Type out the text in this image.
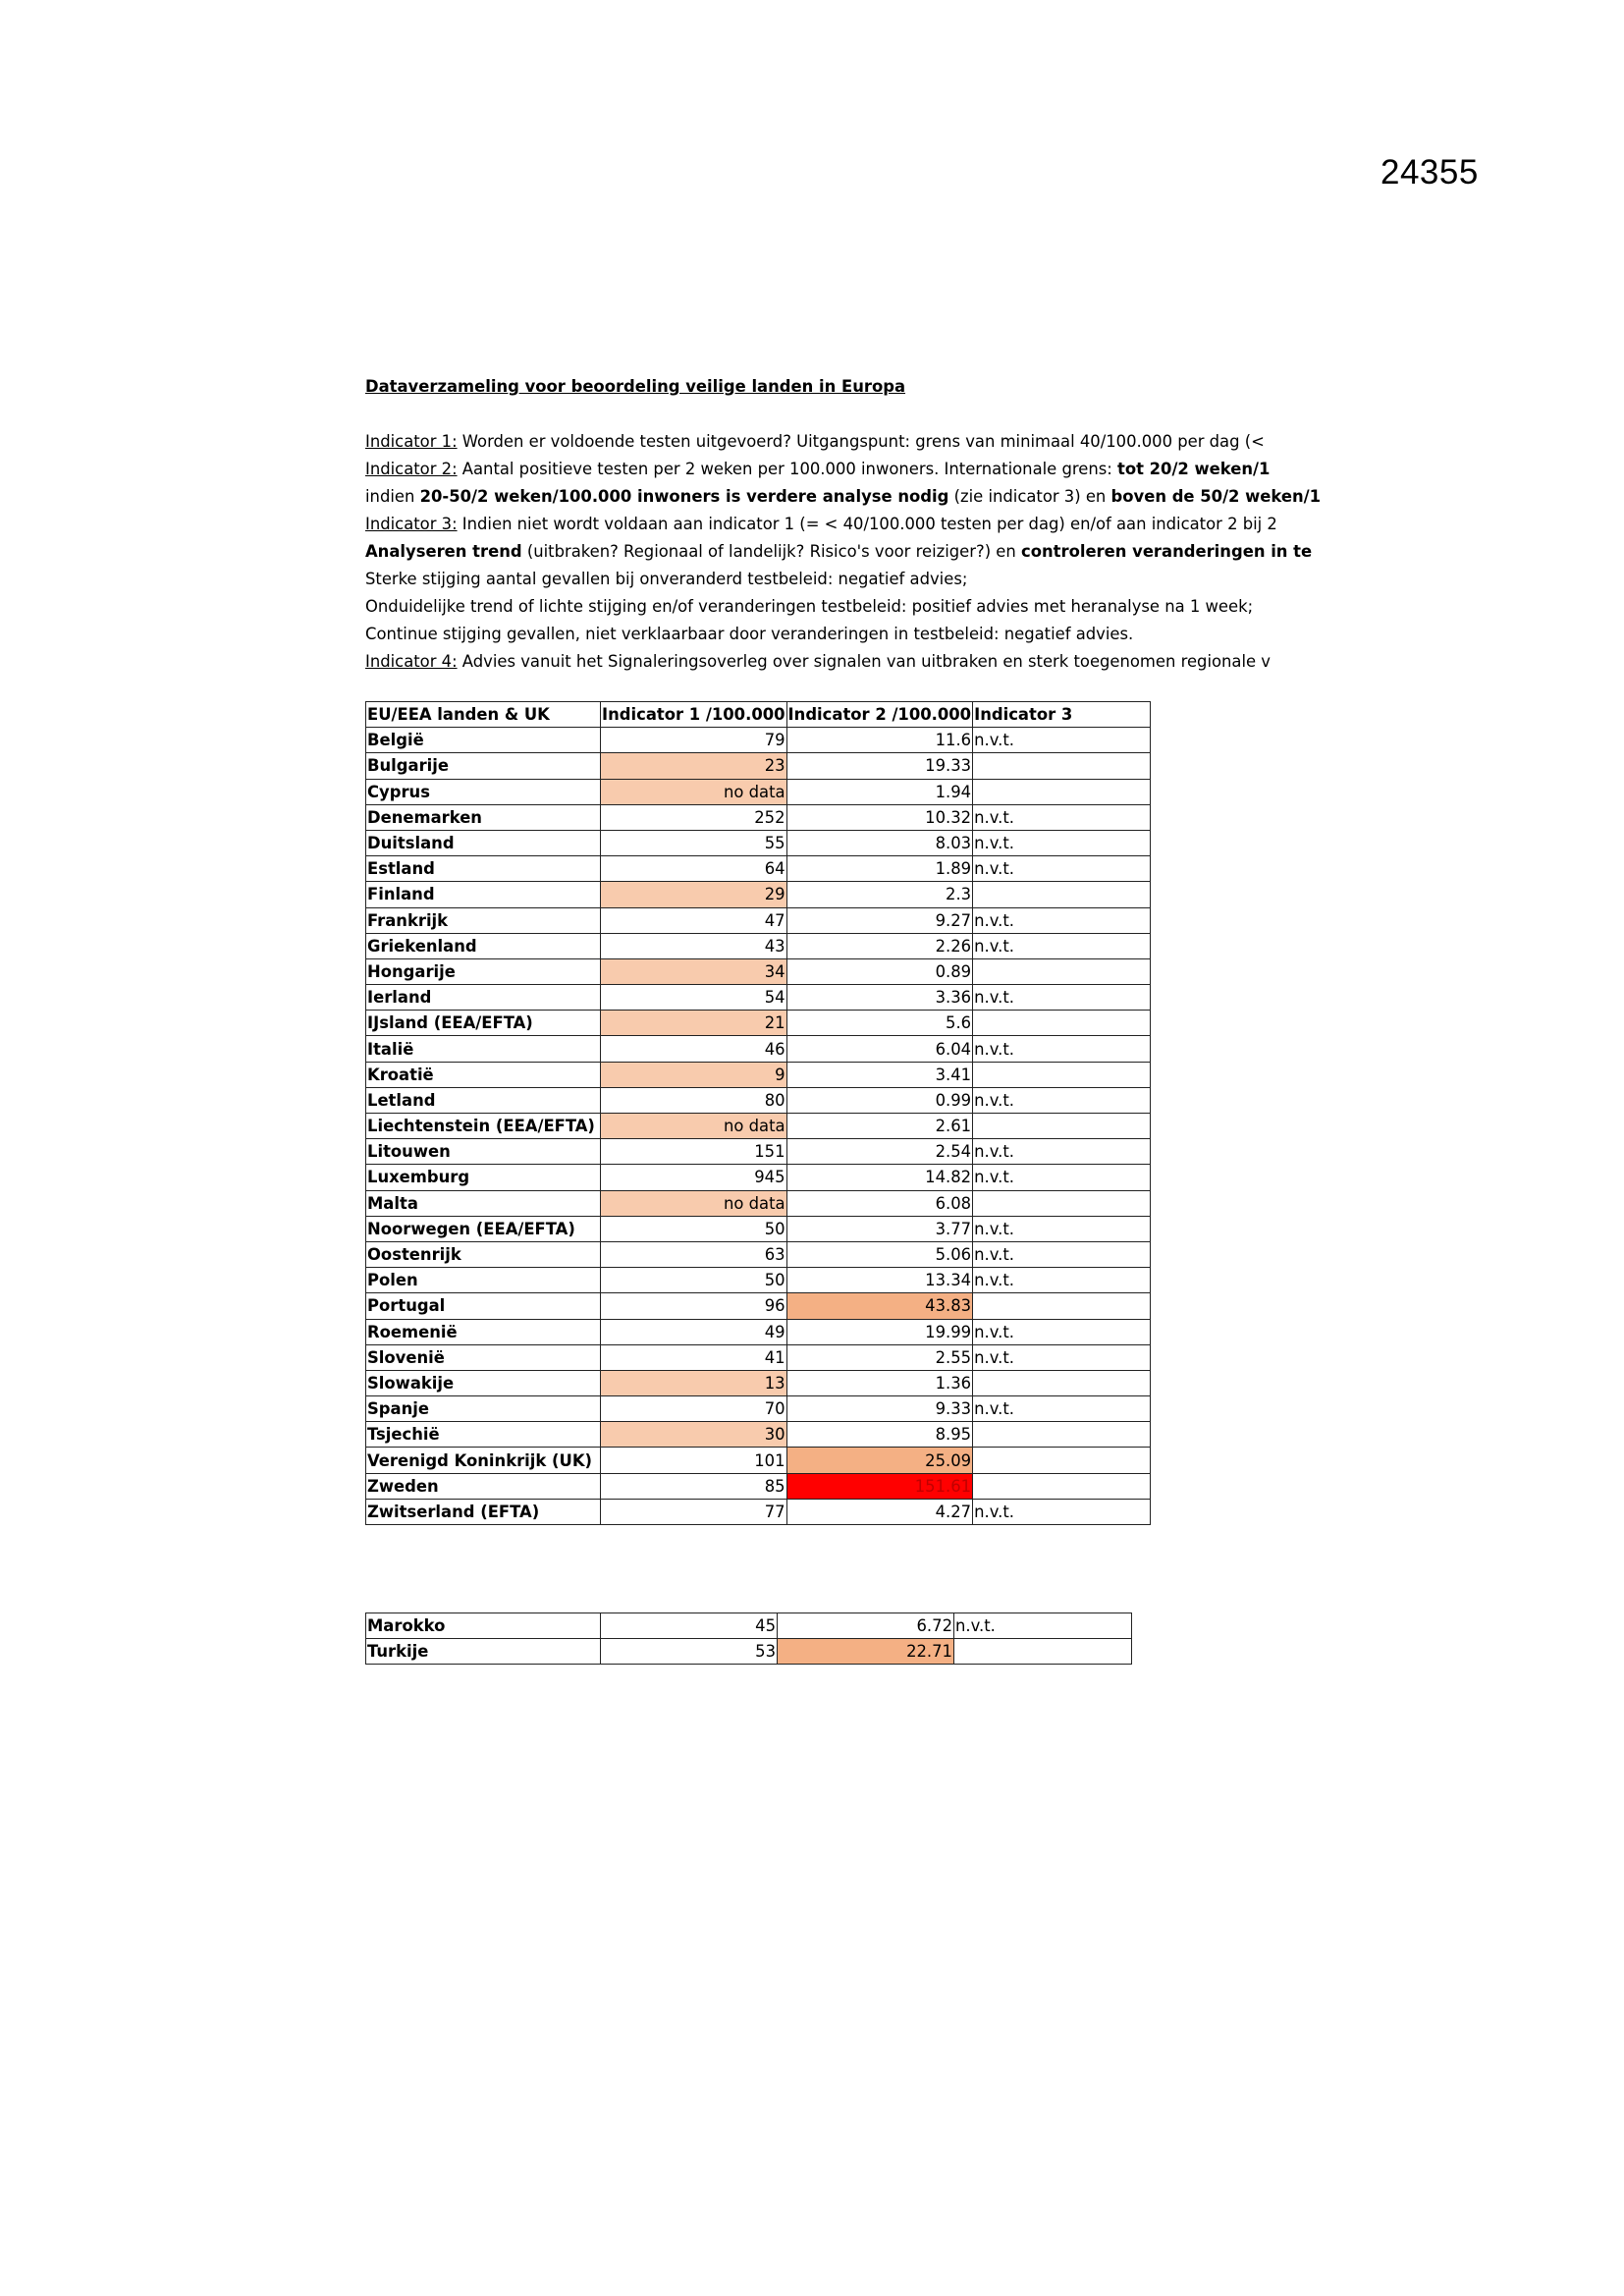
24355
Dataverzameling voor beoordeling veilige landen in Europa
Indicator 1: Worden er voldoende testen uitgevoerd? Uitgangspunt: grens van minimaal 40/100.000 per dag (<
Indicator 2: Aantal positieve testen per 2 weken per 100.000 inwoners. Internationale grens: tot 20/2 weken/1
indien 20-50/2 weken/100.000 inwoners is verdere analyse nodig (zie indicator 3) en boven de 50/2 weken/1
Indicator 3: Indien niet wordt voldaan aan indicator 1 (= < 40/100.000 testen per dag) en/of aan indicator 2 bij 2
Analyseren trend (uitbraken? Regionaal of landelijk? Risico's voor reiziger?) en controleren veranderingen in te
Sterke stijging aantal gevallen bij onveranderd testbeleid: negatief advies;
Onduidelijke trend of lichte stijging en/of veranderingen testbeleid: positief advies met heranalyse na 1 week;
Continue stijging gevallen, niet verklaarbaar door veranderingen in testbeleid: negatief advies.
Indicator 4: Advies vanuit het Signaleringsoverleg over signalen van uitbraken en sterk toegenomen regionale v
EU/EEA landen & UK	Indicator 1 /100.000	Indicator 2 /100.000	Indicator 3
België	79	11.6	n.v.t.
Bulgarije	23	19.33	
Cyprus	no data	1.94	
Denemarken	252	10.32	n.v.t.
Duitsland	55	8.03	n.v.t.
Estland	64	1.89	n.v.t.
Finland	29	2.3	
Frankrijk	47	9.27	n.v.t.
Griekenland	43	2.26	n.v.t.
Hongarije	34	0.89	
Ierland	54	3.36	n.v.t.
IJsland (EEA/EFTA)	21	5.6	
Italië	46	6.04	n.v.t.
Kroatië	9	3.41	
Letland	80	0.99	n.v.t.
Liechtenstein (EEA/EFTA)	no data	2.61	
Litouwen	151	2.54	n.v.t.
Luxemburg	945	14.82	n.v.t.
Malta	no data	6.08	
Noorwegen (EEA/EFTA)	50	3.77	n.v.t.
Oostenrijk	63	5.06	n.v.t.
Polen	50	13.34	n.v.t.
Portugal	96	43.83	
Roemenië	49	19.99	n.v.t.
Slovenië	41	2.55	n.v.t.
Slowakije	13	1.36	
Spanje	70	9.33	n.v.t.
Tsjechië	30	8.95	
Verenigd Koninkrijk (UK)	101	25.09	
Zweden	85	151.61	
Zwitserland (EFTA)	77	4.27	n.v.t.
Marokko	45	6.72	n.v.t.
Turkije	53	22.71	
